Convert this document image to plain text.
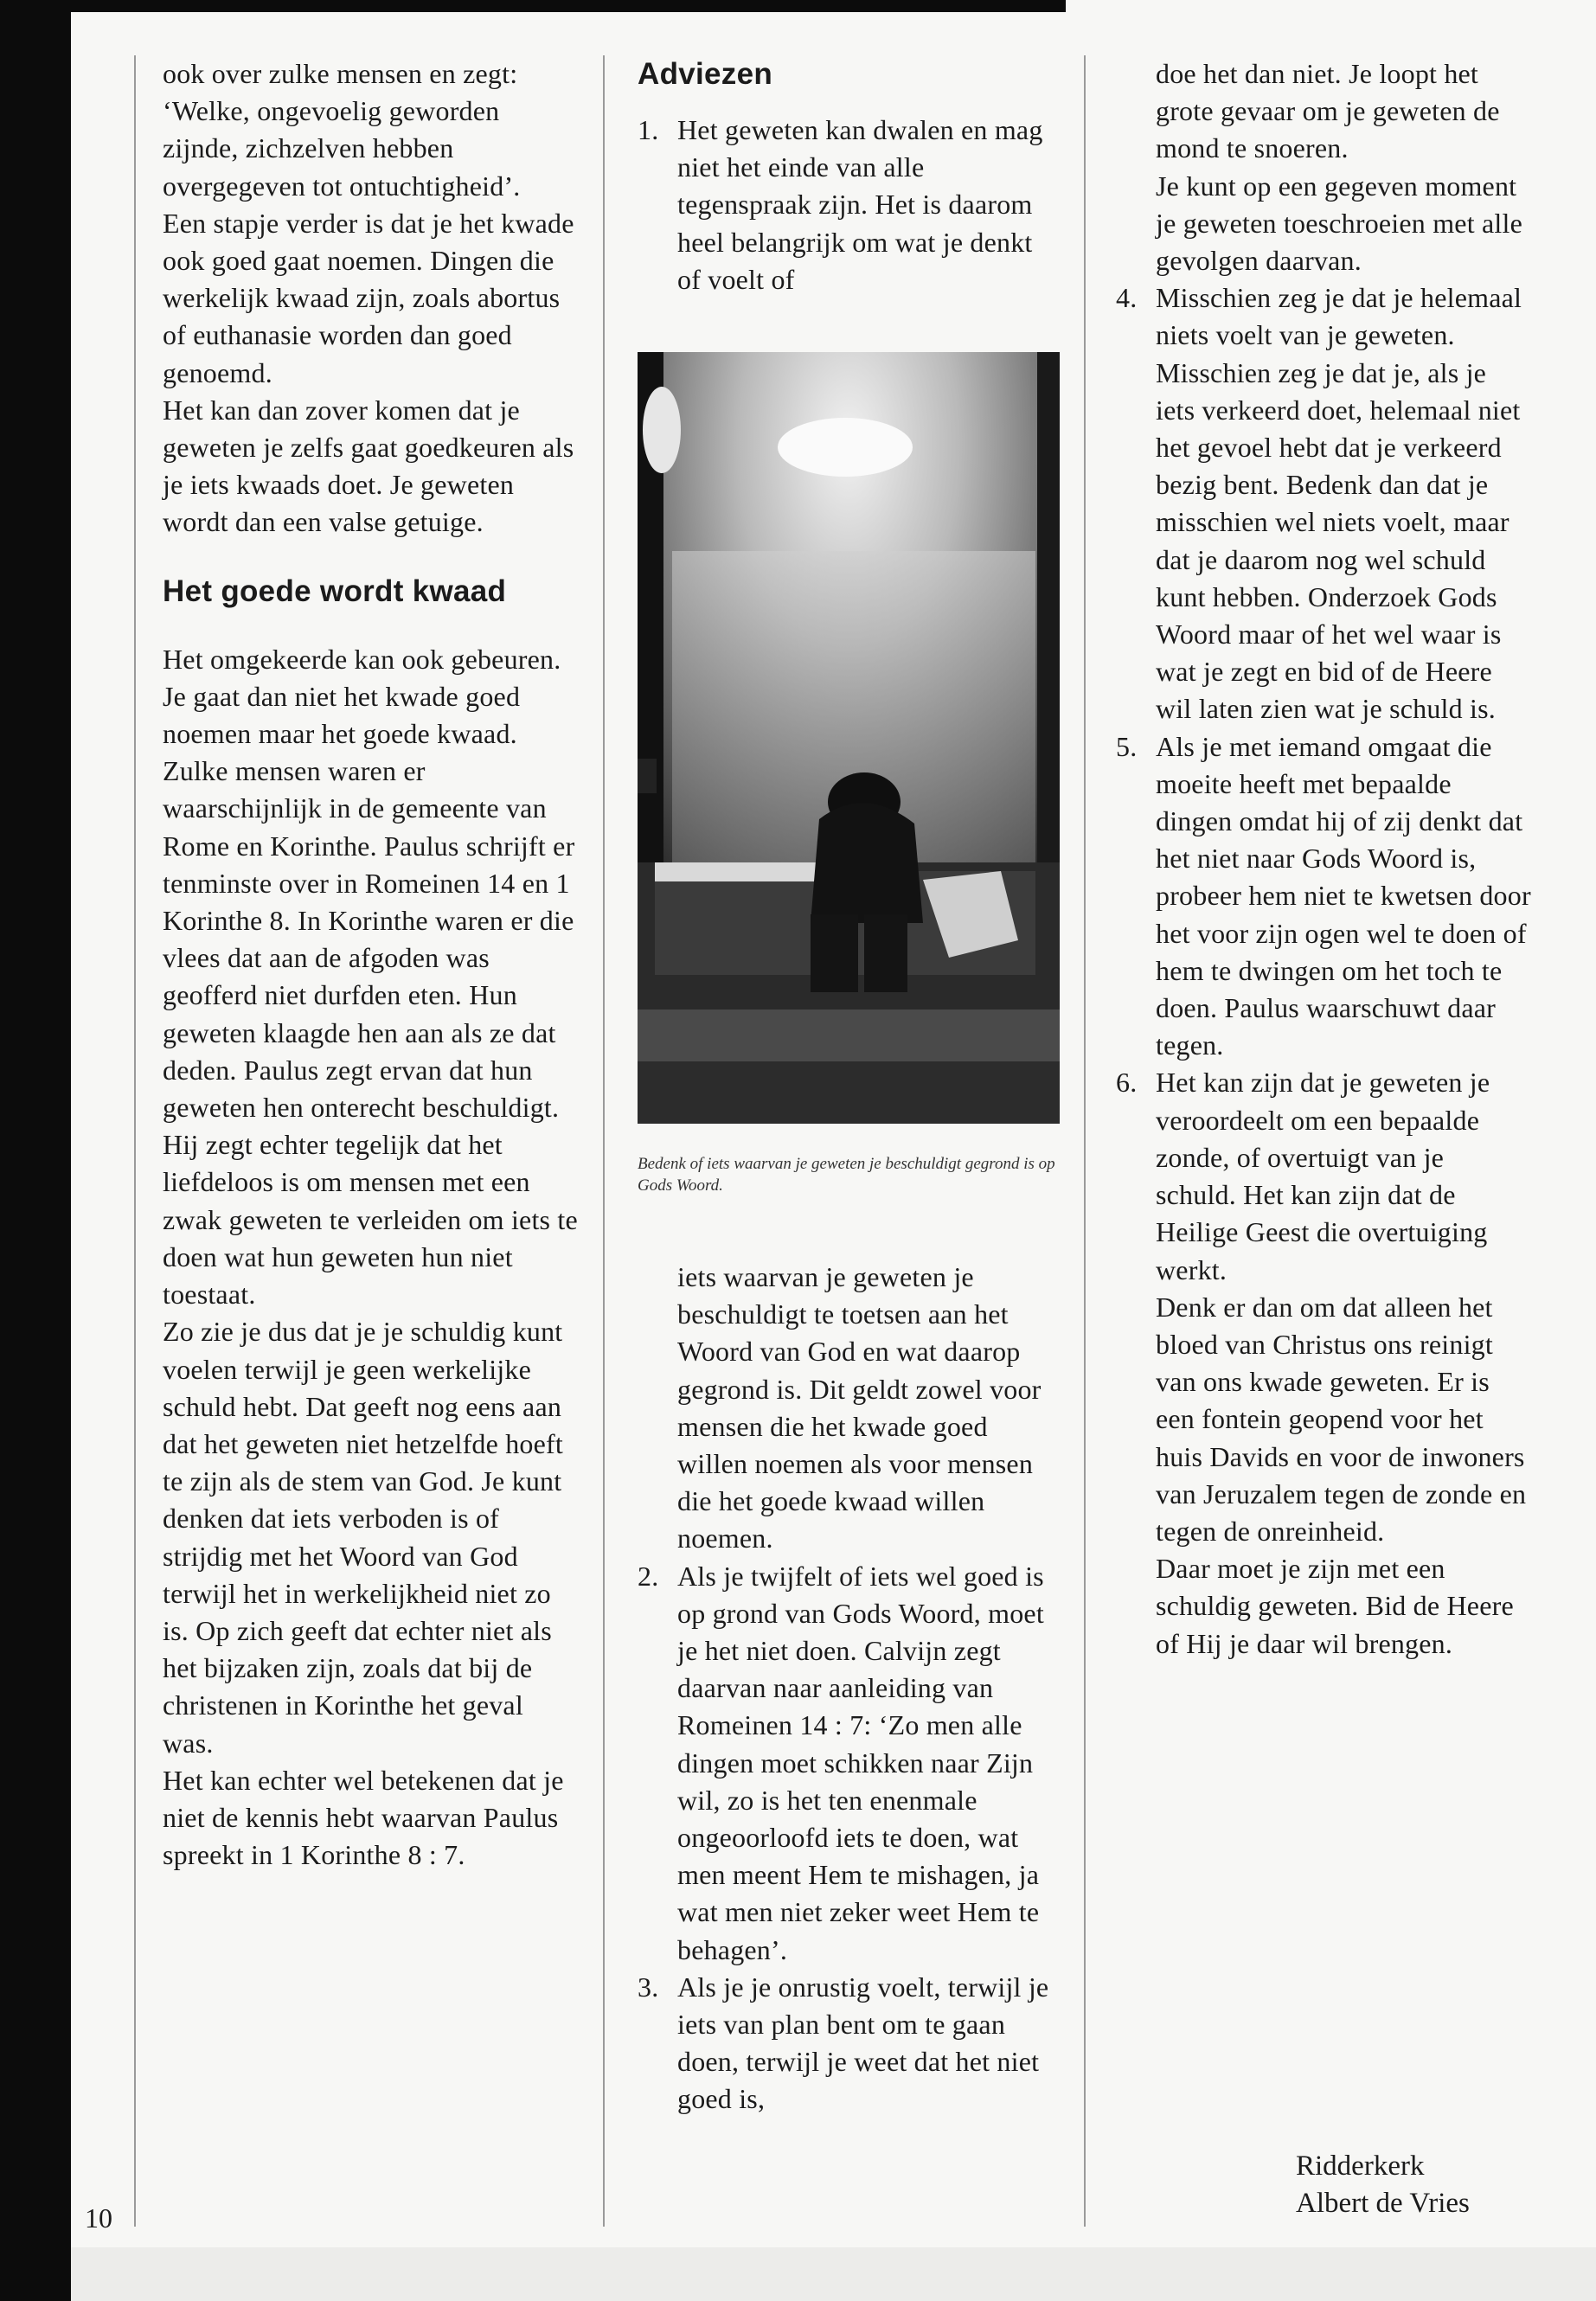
ook over zulke mensen en zegt: ‘Welke, ongevoelig geworden zijnde, zichzelven hebben overgegeven tot ontuchtigheid’.

Een stapje verder is dat je het kwade ook goed gaat noemen. Dingen die werkelijk kwaad zijn, zoals abortus of euthanasie worden dan goed genoemd.

Het kan dan zover komen dat je geweten je zelfs gaat goedkeuren als je iets kwaads doet. Je geweten wordt dan een valse getuige.

Het goede wordt kwaad

Het omgekeerde kan ook gebeuren. Je gaat dan niet het kwade goed noemen maar het goede kwaad. Zulke mensen waren er waarschijnlijk in de gemeente van Rome en Korinthe. Paulus schrijft er tenminste over in Romeinen 14 en 1 Korinthe 8. In Korinthe waren er die vlees dat aan de afgoden was geofferd niet durfden eten. Hun geweten klaagde hen aan als ze dat deden. Paulus zegt ervan dat hun geweten hen onterecht beschuldigt. Hij zegt echter tegelijk dat het liefdeloos is om mensen met een zwak geweten te verleiden om iets te doen wat hun geweten hun niet toestaat.

Zo zie je dus dat je je schuldig kunt voelen terwijl je geen werkelijke schuld hebt. Dat geeft nog eens aan dat het geweten niet hetzelfde hoeft te zijn als de stem van God. Je kunt denken dat iets verboden is of strijdig met het Woord van God terwijl het in werkelijkheid niet zo is. Op zich geeft dat echter niet als het bijzaken zijn, zoals dat bij de christenen in Korinthe het geval was.

Het kan echter wel betekenen dat je niet de kennis hebt waarvan Paulus spreekt in 1 Korinthe 8 : 7.

Adviezen

1. Het geweten kan dwalen en mag niet het einde van alle tegenspraak zijn. Het is daarom heel belangrijk om wat je denkt of voelt of

Bedenk of iets waarvan je geweten je beschuldigt gegrond is op Gods Woord.

iets waarvan je geweten je beschuldigt te toetsen aan het Woord van God en wat daarop gegrond is. Dit geldt zowel voor mensen die het kwade goed willen noemen als voor mensen die het goede kwaad willen noemen.

2. Als je twijfelt of iets wel goed is op grond van Gods Woord, moet je het niet doen. Calvijn zegt daarvan naar aanleiding van Romeinen 14 : 7: ‘Zo men alle dingen moet schikken naar Zijn wil, zo is het ten enenmale ongeoorloofd iets te doen, wat men meent Hem te mishagen, ja wat men niet zeker weet Hem te behagen’.

3. Als je je onrustig voelt, terwijl je iets van plan bent om te gaan doen, terwijl je weet dat het niet goed is,

doe het dan niet. Je loopt het grote gevaar om je geweten de mond te snoeren.

Je kunt op een gegeven moment je geweten toeschroeien met alle gevolgen daarvan.

4. Misschien zeg je dat je helemaal niets voelt van je geweten. Misschien zeg je dat je, als je iets verkeerd doet, helemaal niet het gevoel hebt dat je verkeerd bezig bent. Bedenk dan dat je misschien wel niets voelt, maar dat je daarom nog wel schuld kunt hebben. Onderzoek Gods Woord maar of het wel waar is wat je zegt en bid of de Heere wil laten zien wat je schuld is.

5. Als je met iemand omgaat die moeite heeft met bepaalde dingen omdat hij of zij denkt dat het niet naar Gods Woord is, probeer hem niet te kwetsen door het voor zijn ogen wel te doen of hem te dwingen om het toch te doen. Paulus waarschuwt daar tegen.

6. Het kan zijn dat je geweten je veroordeelt om een bepaalde zonde, of overtuigt van je schuld. Het kan zijn dat de Heilige Geest die overtuiging werkt.

Denk er dan om dat alleen het bloed van Christus ons reinigt van ons kwade geweten. Er is een fontein geopend voor het huis Davids en voor de inwoners van Jeruzalem tegen de zonde en tegen de onreinheid.

Daar moet je zijn met een schuldig geweten. Bid de Heere of Hij je daar wil brengen.

Ridderkerk
Albert de Vries
10
